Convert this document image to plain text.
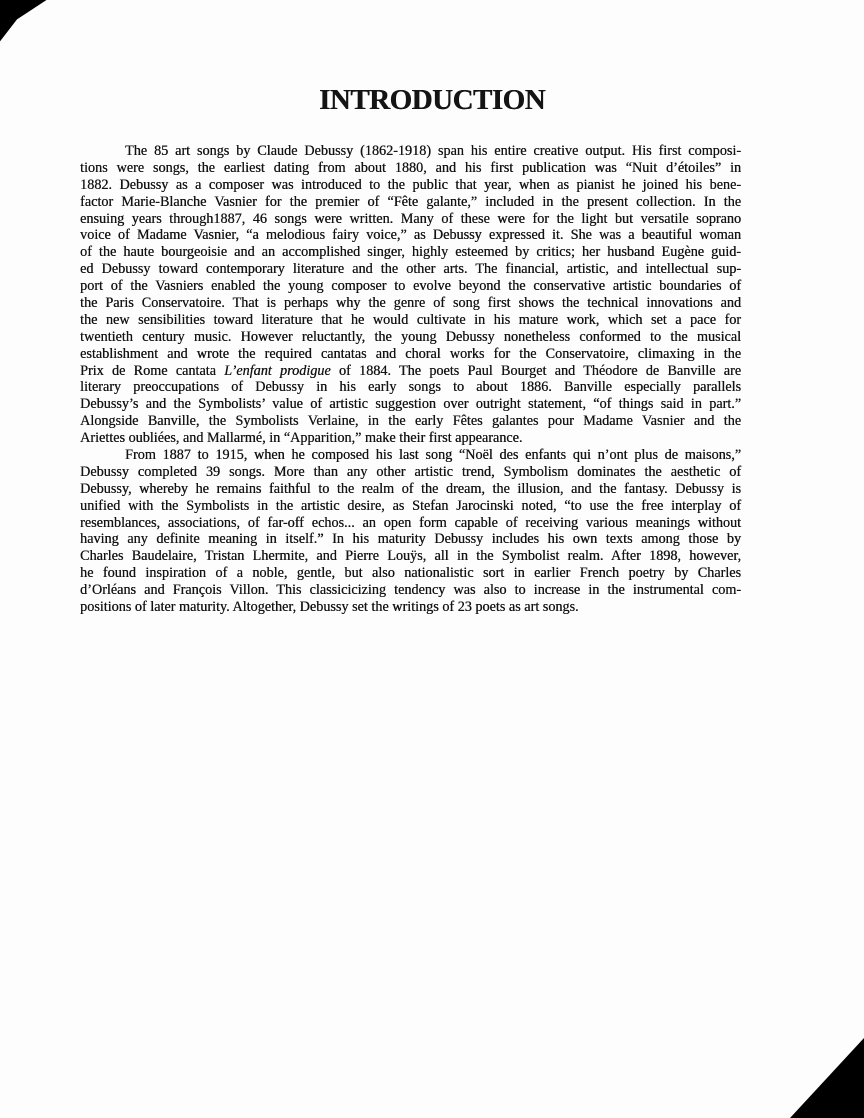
INTRODUCTION
The 85 art songs by Claude Debussy (1862-1918) span his entire creative output. His first composi-
tions were songs, the earliest dating from about 1880, and his first publication was “Nuit d’étoiles” in
1882. Debussy as a composer was introduced to the public that year, when as pianist he joined his bene-
factor Marie-Blanche Vasnier for the premier of “Fête galante,” included in the present collection. In the
ensuing years through1887, 46 songs were written. Many of these were for the light but versatile soprano
voice of Madame Vasnier, “a melodious fairy voice,” as Debussy expressed it. She was a beautiful woman
of the haute bourgeoisie and an accomplished singer, highly esteemed by critics; her husband Eugène guid-
ed Debussy toward contemporary literature and the other arts. The financial, artistic, and intellectual sup-
port of the Vasniers enabled the young composer to evolve beyond the conservative artistic boundaries of
the Paris Conservatoire. That is perhaps why the genre of song first shows the technical innovations and
the new sensibilities toward literature that he would cultivate in his mature work, which set a pace for
twentieth century music. However reluctantly, the young Debussy nonetheless conformed to the musical
establishment and wrote the required cantatas and choral works for the Conservatoire, climaxing in the
Prix de Rome cantata L’enfant prodigue of 1884. The poets Paul Bourget and Théodore de Banville are
literary preoccupations of Debussy in his early songs to about 1886. Banville especially parallels
Debussy’s and the Symbolists’ value of artistic suggestion over outright statement, “of things said in part.”
Alongside Banville, the Symbolists Verlaine, in the early Fêtes galantes pour Madame Vasnier and the
Ariettes oubliées, and Mallarmé, in “Apparition,” make their first appearance.
From 1887 to 1915, when he composed his last song “Noël des enfants qui n’ont plus de maisons,”
Debussy completed 39 songs. More than any other artistic trend, Symbolism dominates the aesthetic of
Debussy, whereby he remains faithful to the realm of the dream, the illusion, and the fantasy. Debussy is
unified with the Symbolists in the artistic desire, as Stefan Jarocinski noted, “to use the free interplay of
resemblances, associations, of far-off echos... an open form capable of receiving various meanings without
having any definite meaning in itself.” In his maturity Debussy includes his own texts among those by
Charles Baudelaire, Tristan Lhermite, and Pierre Louÿs, all in the Symbolist realm. After 1898, however,
he found inspiration of a noble, gentle, but also nationalistic sort in earlier French poetry by Charles
d’Orléans and François Villon. This classicicizing tendency was also to increase in the instrumental com-
positions of later maturity. Altogether, Debussy set the writings of 23 poets as art songs.
